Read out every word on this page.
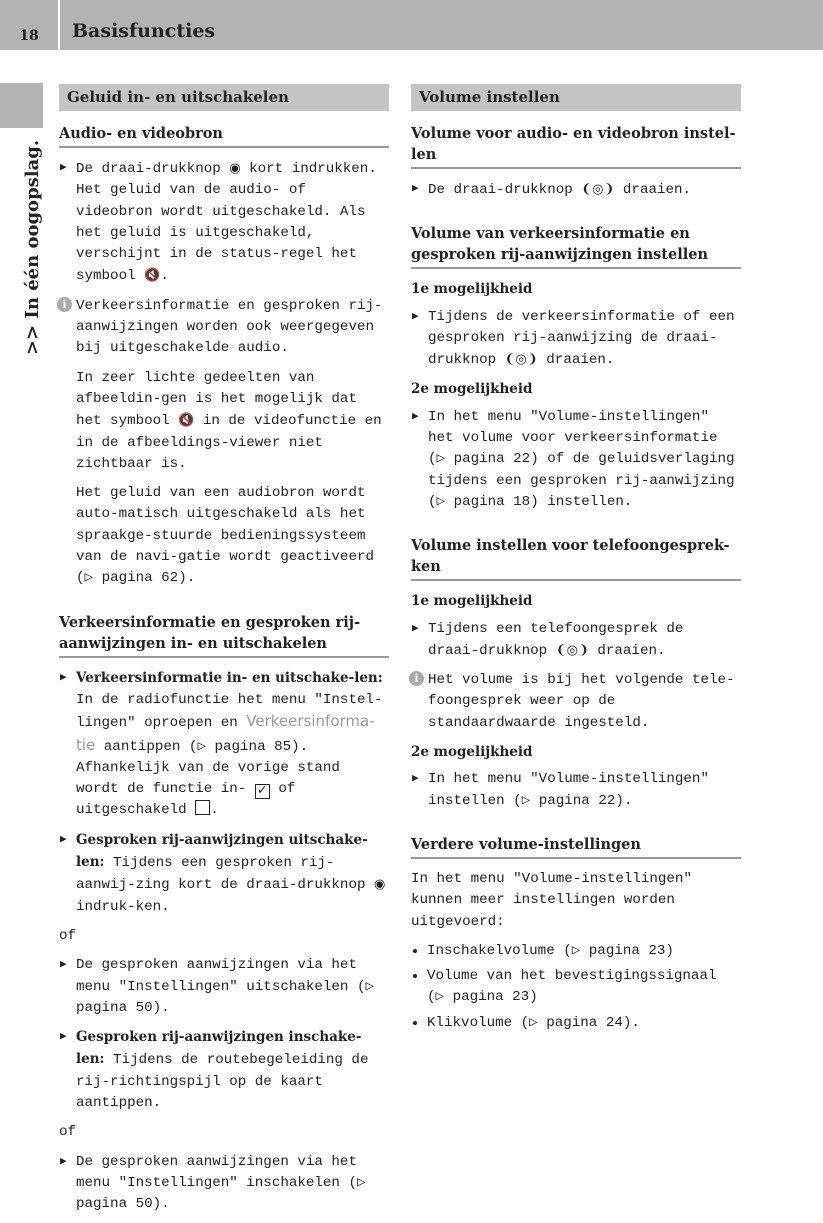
18	Basisfuncties
>> In één oogopslag.
Geluid in- en uitschakelen
Audio- en videobron
▶ De draai-drukknop ◉ kort indrukken. Het geluid van de audio- of videobron wordt uitgeschakeld. Als het geluid is uitgeschakeld, verschijnt in de status-regel het symbool 🔇.
i Verkeersinformatie en gesproken rij-aanwijzingen worden ook weergegeven bij uitgeschakelde audio.
In zeer lichte gedeelten van afbeeldin-gen is het mogelijk dat het symbool 🔇 in de videofunctie en in de afbeeldings-viewer niet zichtbaar is.
Het geluid van een audiobron wordt auto-matisch uitgeschakeld als het spraakge-stuurde bedieningssysteem van de navi-gatie wordt geactiveerd (▷ pagina 62).
Verkeersinformatie en gesproken rij-aanwijzingen in- en uitschakelen
▶ Verkeersinformatie in- en uitschake-len: In de radiofunctie het menu "Instel-lingen" oproepen en Verkeersinforma-tie aantippen (▷ pagina 85).
Afhankelijk van de vorige stand wordt de functie in- ✓ of uitgeschakeld .
▶ Gesproken rij-aanwijzingen uitschake-len: Tijdens een gesproken rij-aanwij-zing kort de draai-drukknop ◉ indruk-ken.
of
▶ De gesproken aanwijzingen via het menu "Instellingen" uitschakelen (▷ pagina 50).
▶ Gesproken rij-aanwijzingen inschake-len: Tijdens de routebegeleiding de rij-richtingspijl op de kaart aantippen.
of
▶ De gesproken aanwijzingen via het menu "Instellingen" inschakelen (▷ pagina 50).
Volume instellen
Volume voor audio- en videobron instel-len
▶ De draai-drukknop ❨◎❩ draaien.
Volume van verkeersinformatie en gesproken rij-aanwijzingen instellen
1e mogelijkheid
▶ Tijdens de verkeersinformatie of een gesproken rij-aanwijzing de draai-drukknop ❨◎❩ draaien.
2e mogelijkheid
▶ In het menu "Volume-instellingen" het volume voor verkeersinformatie (▷ pagina 22) of de geluidsverlaging tijdens een gesproken rij-aanwijzing (▷ pagina 18) instellen.
Volume instellen voor telefoongesprek-ken
1e mogelijkheid
▶ Tijdens een telefoongesprek de draai-drukknop ❨◎❩ draaien.
i Het volume is bij het volgende tele-foongesprek weer op de standaardwaarde ingesteld.
2e mogelijkheid
▶ In het menu "Volume-instellingen" instellen (▷ pagina 22).
Verdere volume-instellingen
In het menu "Volume-instellingen" kunnen meer instellingen worden uitgevoerd:
• Inschakelvolume (▷ pagina 23)
• Volume van het bevestigingssignaal (▷ pagina 23)
• Klikvolume (▷ pagina 24).
